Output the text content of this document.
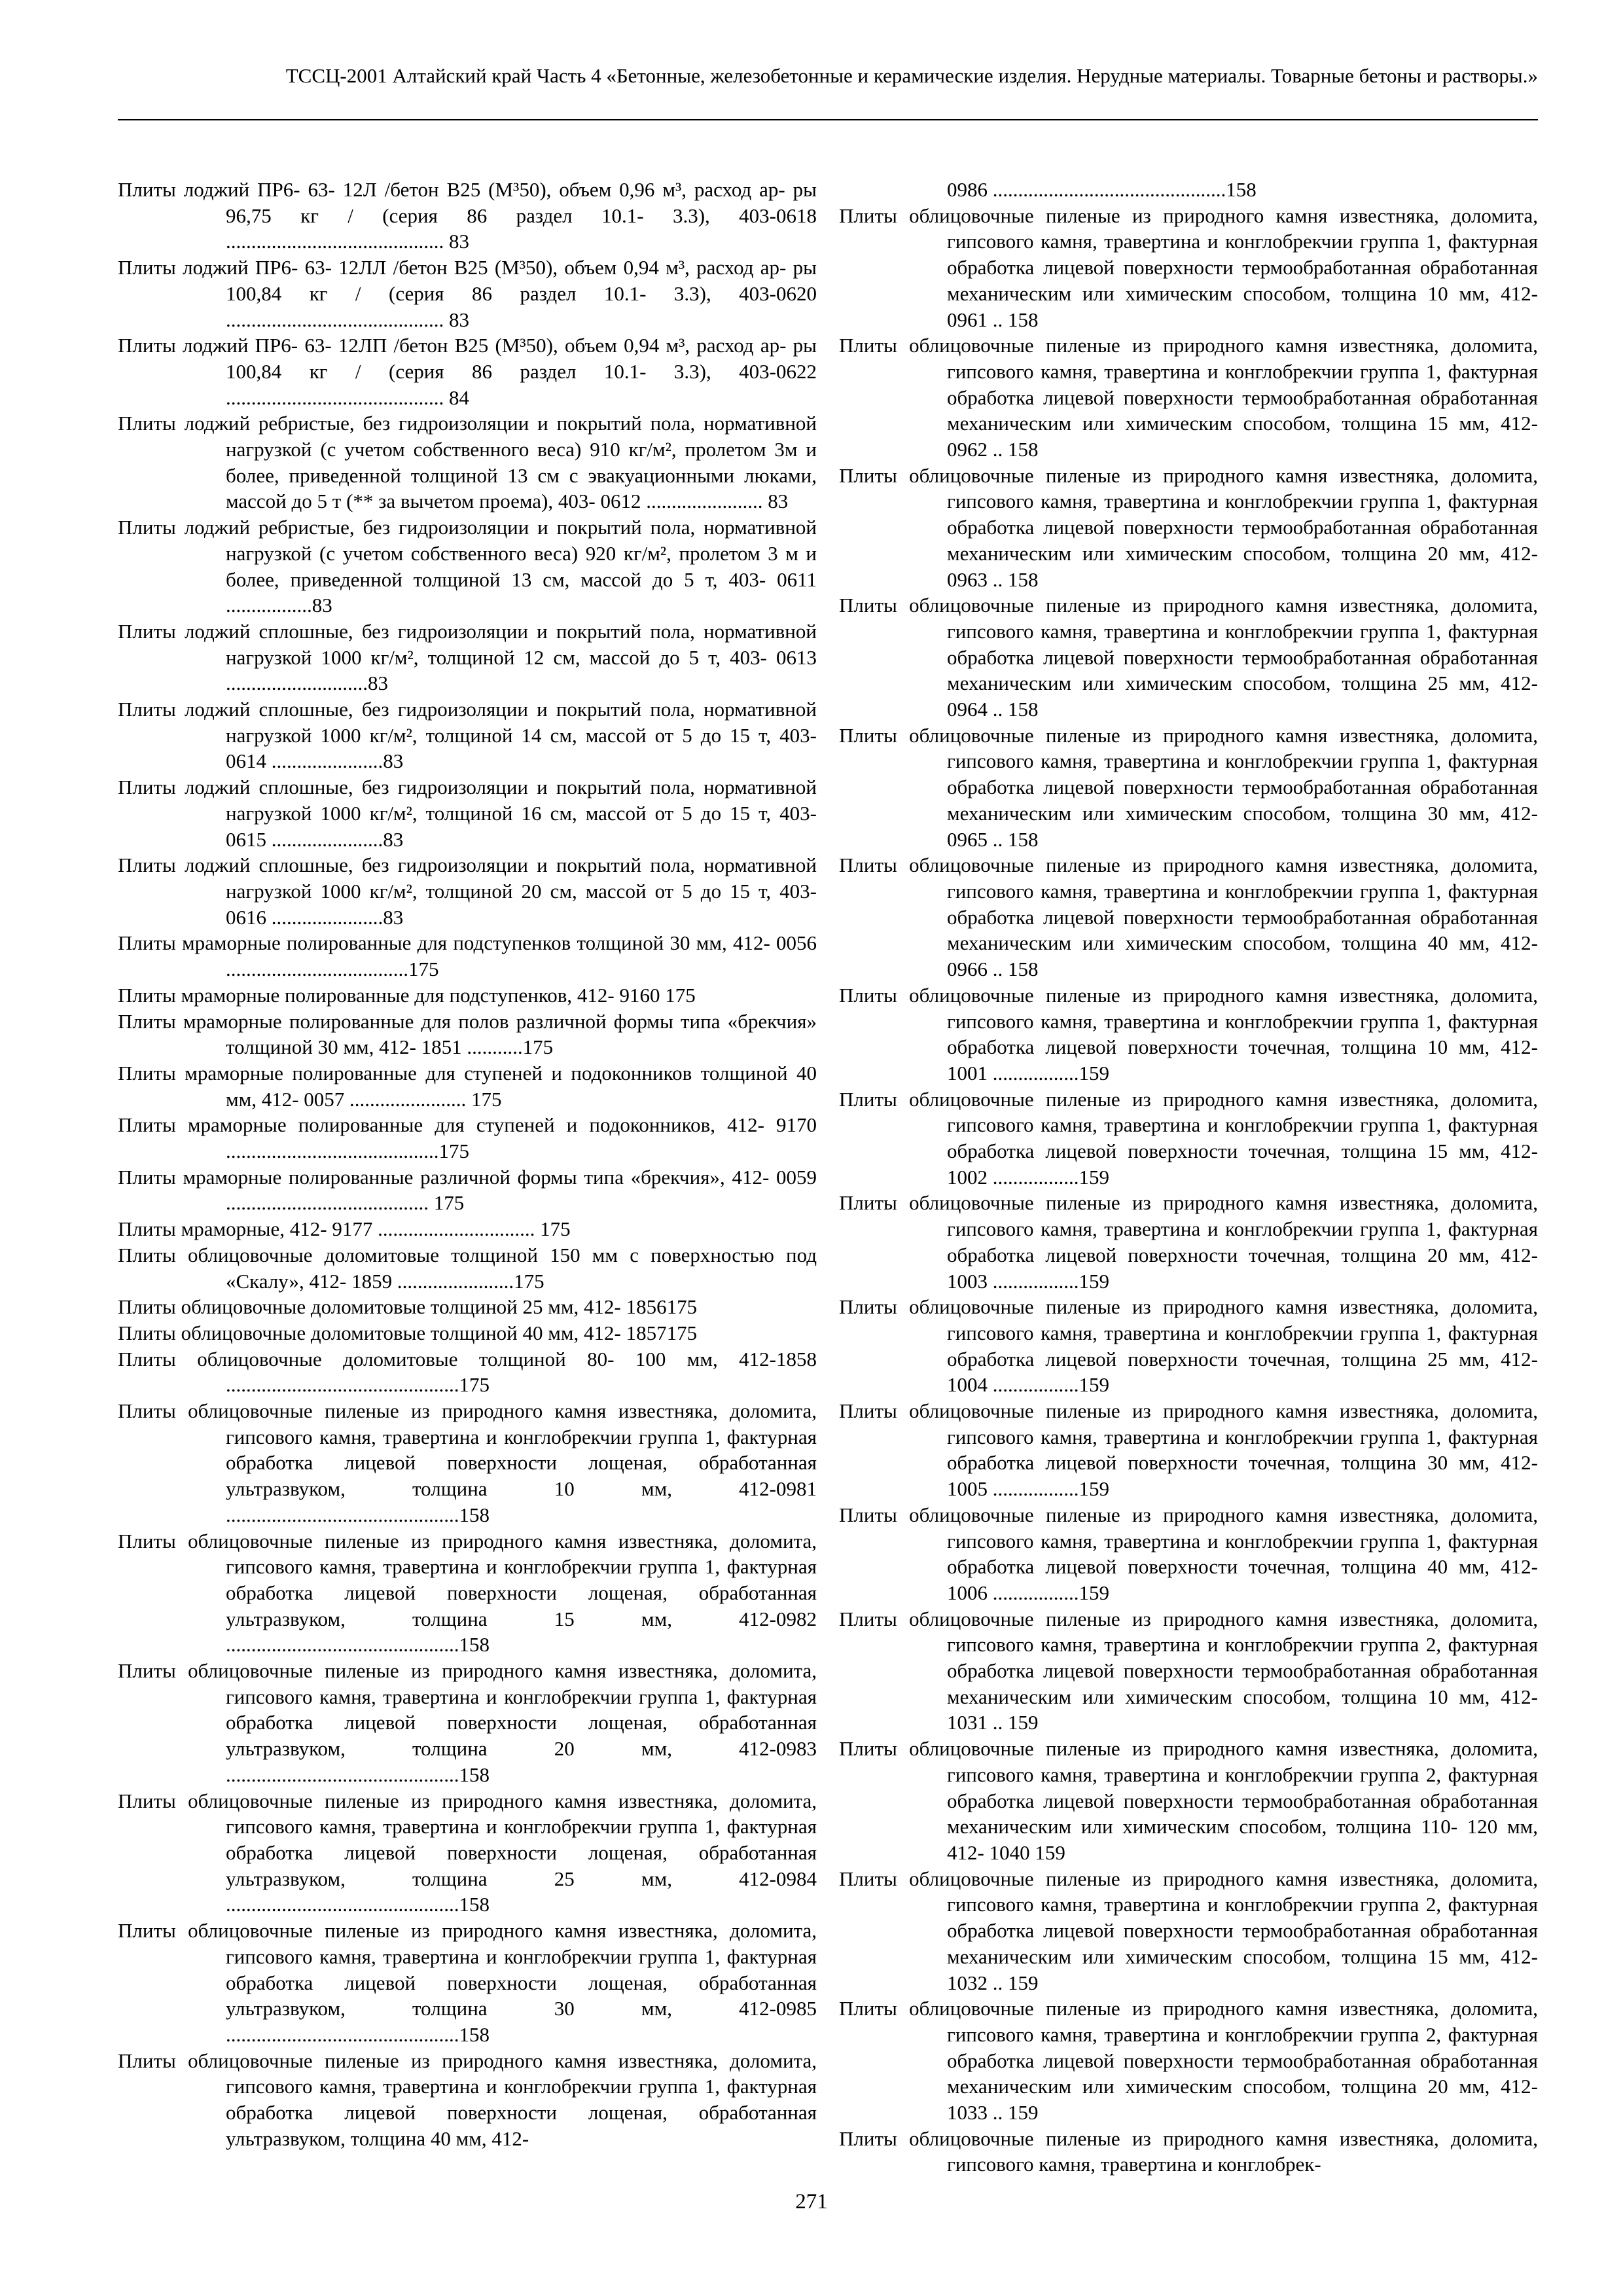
ТССЦ-2001 Алтайский край Часть 4 «Бетонные, железобетонные и керамические изделия. Нерудные материалы. Товарные бетоны и растворы.»

Плиты лоджий ПР6- 63- 12Л /бетон В25 (М³50), объем 0,96 м³, расход ар- ры 96,75 кг / (серия 86 раздел 10.1- 3.3), 403-0618 ........................................... 83

Плиты лоджий ПР6- 63- 12ЛЛ /бетон В25 (М³50), объем 0,94 м³, расход ар- ры 100,84 кг / (серия 86 раздел 10.1- 3.3), 403-0620 ........................................... 83

Плиты лоджий ПР6- 63- 12ЛП /бетон В25 (М³50), объем 0,94 м³, расход ар- ры 100,84 кг / (серия 86 раздел 10.1- 3.3), 403-0622 ........................................... 84

Плиты лоджий ребристые, без гидроизоляции и покрытий пола, нормативной нагрузкой (с учетом собственного веса) 910 кг/м², пролетом 3м и более, приведенной толщиной 13 см с эвакуационными люками, массой до 5 т (** за вычетом проема), 403- 0612 ....................... 83

Плиты лоджий ребристые, без гидроизоляции и покрытий пола, нормативной нагрузкой (с учетом собственного веса) 920 кг/м², пролетом 3 м и более, приведенной толщиной 13 см, массой до 5 т, 403- 0611 .................83

Плиты лоджий сплошные, без гидроизоляции и покрытий пола, нормативной нагрузкой 1000 кг/м², толщиной 12 см, массой до 5 т, 403- 0613 ............................83

Плиты лоджий сплошные, без гидроизоляции и покрытий пола, нормативной нагрузкой 1000 кг/м², толщиной 14 см, массой от 5 до 15 т, 403- 0614 ......................83

Плиты лоджий сплошные, без гидроизоляции и покрытий пола, нормативной нагрузкой 1000 кг/м², толщиной 16 см, массой от 5 до 15 т, 403- 0615 ......................83

Плиты лоджий сплошные, без гидроизоляции и покрытий пола, нормативной нагрузкой 1000 кг/м², толщиной 20 см, массой от 5 до 15 т, 403- 0616 ......................83

Плиты мраморные полированные для подступенков толщиной 30 мм, 412- 0056 ....................................175

Плиты мраморные полированные для подступенков, 412- 9160 175

Плиты мраморные полированные для полов различной формы типа «брекчия» толщиной 30 мм, 412- 1851 ...........175

Плиты мраморные полированные для ступеней и подоконников толщиной 40 мм, 412- 0057 ....................... 175

Плиты мраморные полированные для ступеней и подоконников, 412- 9170 ..........................................175

Плиты мраморные полированные различной формы типа «брекчия», 412- 0059 ........................................ 175

Плиты мраморные, 412- 9177 ............................... 175

Плиты облицовочные доломитовые толщиной 150 мм с поверхностью под «Скалу», 412- 1859 .......................175

Плиты облицовочные доломитовые толщиной 25 мм, 412- 1856175

Плиты облицовочные доломитовые толщиной 40 мм, 412- 1857175

Плиты облицовочные доломитовые толщиной 80- 100 мм, 412-1858 ..............................................175

Плиты облицовочные пиленые из природного камня известняка, доломита, гипсового камня, травертина и конглобрекчии группа 1, фактурная обработка лицевой поверхности лощеная, обработанная ультразвуком, толщина 10 мм, 412-0981 ..............................................158

Плиты облицовочные пиленые из природного камня известняка, доломита, гипсового камня, травертина и конглобрекчии группа 1, фактурная обработка лицевой поверхности лощеная, обработанная ультразвуком, толщина 15 мм, 412-0982 ..............................................158

Плиты облицовочные пиленые из природного камня известняка, доломита, гипсового камня, травертина и конглобрекчии группа 1, фактурная обработка лицевой поверхности лощеная, обработанная ультразвуком, толщина 20 мм, 412-0983 ..............................................158

Плиты облицовочные пиленые из природного камня известняка, доломита, гипсового камня, травертина и конглобрекчии группа 1, фактурная обработка лицевой поверхности лощеная, обработанная ультразвуком, толщина 25 мм, 412-0984 ..............................................158

Плиты облицовочные пиленые из природного камня известняка, доломита, гипсового камня, травертина и конглобрекчии группа 1, фактурная обработка лицевой поверхности лощеная, обработанная ультразвуком, толщина 30 мм, 412-0985 ..............................................158

Плиты облицовочные пиленые из природного камня известняка, доломита, гипсового камня, травертина и конглобрекчии группа 1, фактурная обработка лицевой поверхности лощеная, обработанная ультразвуком, толщина 40 мм, 412-

0986 ..............................................158

Плиты облицовочные пиленые из природного камня известняка, доломита, гипсового камня, травертина и конглобрекчии группа 1, фактурная обработка лицевой поверхности термообработанная обработанная механическим или химическим способом, толщина 10 мм, 412- 0961 .. 158

Плиты облицовочные пиленые из природного камня известняка, доломита, гипсового камня, травертина и конглобрекчии группа 1, фактурная обработка лицевой поверхности термообработанная обработанная механическим или химическим способом, толщина 15 мм, 412- 0962 .. 158

Плиты облицовочные пиленые из природного камня известняка, доломита, гипсового камня, травертина и конглобрекчии группа 1, фактурная обработка лицевой поверхности термообработанная обработанная механическим или химическим способом, толщина 20 мм, 412- 0963 .. 158

Плиты облицовочные пиленые из природного камня известняка, доломита, гипсового камня, травертина и конглобрекчии группа 1, фактурная обработка лицевой поверхности термообработанная обработанная механическим или химическим способом, толщина 25 мм, 412- 0964 .. 158

Плиты облицовочные пиленые из природного камня известняка, доломита, гипсового камня, травертина и конглобрекчии группа 1, фактурная обработка лицевой поверхности термообработанная обработанная механическим или химическим способом, толщина 30 мм, 412- 0965 .. 158

Плиты облицовочные пиленые из природного камня известняка, доломита, гипсового камня, травертина и конглобрекчии группа 1, фактурная обработка лицевой поверхности термообработанная обработанная механическим или химическим способом, толщина 40 мм, 412- 0966 .. 158

Плиты облицовочные пиленые из природного камня известняка, доломита, гипсового камня, травертина и конглобрекчии группа 1, фактурная обработка лицевой поверхности точечная, толщина 10 мм, 412- 1001 .................159

Плиты облицовочные пиленые из природного камня известняка, доломита, гипсового камня, травертина и конглобрекчии группа 1, фактурная обработка лицевой поверхности точечная, толщина 15 мм, 412- 1002 .................159

Плиты облицовочные пиленые из природного камня известняка, доломита, гипсового камня, травертина и конглобрекчии группа 1, фактурная обработка лицевой поверхности точечная, толщина 20 мм, 412- 1003 .................159

Плиты облицовочные пиленые из природного камня известняка, доломита, гипсового камня, травертина и конглобрекчии группа 1, фактурная обработка лицевой поверхности точечная, толщина 25 мм, 412- 1004 .................159

Плиты облицовочные пиленые из природного камня известняка, доломита, гипсового камня, травертина и конглобрекчии группа 1, фактурная обработка лицевой поверхности точечная, толщина 30 мм, 412- 1005 .................159

Плиты облицовочные пиленые из природного камня известняка, доломита, гипсового камня, травертина и конглобрекчии группа 1, фактурная обработка лицевой поверхности точечная, толщина 40 мм, 412- 1006 .................159

Плиты облицовочные пиленые из природного камня известняка, доломита, гипсового камня, травертина и конглобрекчии группа 2, фактурная обработка лицевой поверхности термообработанная обработанная механическим или химическим способом, толщина 10 мм, 412- 1031 .. 159

Плиты облицовочные пиленые из природного камня известняка, доломита, гипсового камня, травертина и конглобрекчии группа 2, фактурная обработка лицевой поверхности термообработанная обработанная механическим или химическим способом, толщина 110- 120 мм, 412- 1040 159

Плиты облицовочные пиленые из природного камня известняка, доломита, гипсового камня, травертина и конглобрекчии группа 2, фактурная обработка лицевой поверхности термообработанная обработанная механическим или химическим способом, толщина 15 мм, 412- 1032 .. 159

Плиты облицовочные пиленые из природного камня известняка, доломита, гипсового камня, травертина и конглобрекчии группа 2, фактурная обработка лицевой поверхности термообработанная обработанная механическим или химическим способом, толщина 20 мм, 412- 1033 .. 159

Плиты облицовочные пиленые из природного камня известняка, доломита, гипсового камня, травертина и конглобрек-

271
